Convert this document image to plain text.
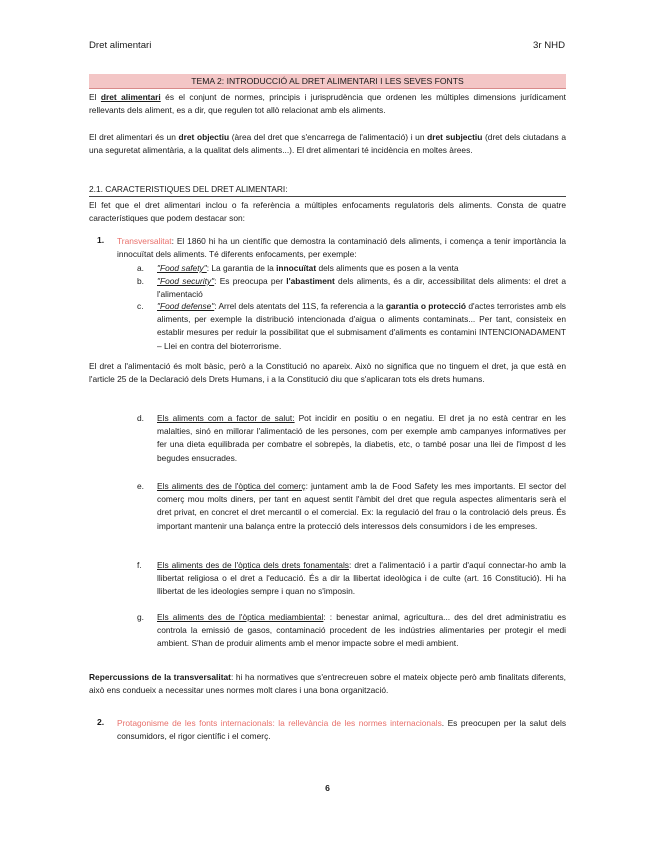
Dret alimentari	3r NHD
TEMA 2: INTRODUCCIÓ AL DRET ALIMENTARI I LES SEVES FONTS
El dret alimentari és el conjunt de normes, principis i jurisprudència que ordenen les múltiples dimensions jurídicament rellevants dels aliment, es a dir, que regulen tot allò relacionat amb els aliments.
El dret alimentari és un dret objectiu (àrea del dret que s'encarrega de l'alimentació) i un dret subjectiu (dret dels ciutadans a una seguretat alimentària, a la qualitat dels aliments...). El dret alimentari té incidència en moltes àrees.
2.1. CARACTERISTIQUES DEL DRET ALIMENTARI:
El fet que el dret alimentari inclou o fa referència a múltiples enfocaments regulatoris dels aliments. Consta de quatre característiques que podem destacar son:
1. Transversalitat: El 1860 hi ha un científic que demostra la contaminació dels aliments, i comença a tenir importància la innocuïtat dels aliments. Té diferents enfocaments, per exemple:
a. "Food safety": La garantia de la innocuïtat dels aliments que es posen a la venta
b. "Food security": Es preocupa per l'abastiment dels aliments, és a dir, accessibilitat dels aliments: el dret a l'alimentació
c. "Food defense": Arrel dels atentats del 11S, fa referencia a la garantia o protecció d'actes terroristes amb els aliments, per exemple la distribució intencionada d'aigua o aliments contaminats... Per tant, consisteix en establir mesures per reduir la possibilitat que el submisament d'aliments es contamini INTENCIONADAMENT – Llei en contra del bioterrorisme.
El dret a l'alimentació és molt bàsic, però a la Constitució no apareix. Això no significa que no tinguem el dret, ja que està en l'article 25 de la Declaració dels Drets Humans, i a la Constitució diu que s'aplicaran tots els drets humans.
d. Els aliments com a factor de salut: Pot incidir en positiu o en negatiu. El dret ja no està centrar en les malalties, sinó en millorar l'alimentació de les persones, com per exemple amb campanyes informatives per fer una dieta equilibrada per combatre el sobrepès, la diabetis, etc, o també posar una llei de l'impost d les begudes ensucrades.
e. Els aliments des de l'òptica del comerç: juntament amb la de Food Safety les mes importants. El sector del comerç mou molts diners, per tant en aquest sentit l'àmbit del dret que regula aspectes alimentaris serà el dret privat, en concret el dret mercantil o el comercial. Ex: la regulació del frau o la controlació dels preus. És important mantenir una balança entre la protecció dels interessos dels consumidors i de les empreses.
f. Els aliments des de l'òptica dels drets fonamentals: dret a l'alimentació i a partir d'aquí connectar-ho amb la llibertat religiosa o el dret a l'educació. És a dir la llibertat ideològica i de culte (art. 16 Constitució). Hi ha llibertat de les ideologies sempre i quan no s'imposin.
g. Els aliments des de l'òptica mediambiental: : benestar animal, agricultura... des del dret administratiu es controla la emissió de gasos, contaminació procedent de les indústries alimentaries per protegir el medi ambient. S'han de produir aliments amb el menor impacte sobre el medi ambient.
Repercussions de la transversalitat: hi ha normatives que s'entrecreuen sobre el mateix objecte però amb finalitats diferents, això ens condueix a necessitar unes normes molt clares i una bona organització.
2. Protagonisme de les fonts internacionals: la rellevància de les normes internacionals. Es preocupen per la salut dels consumidors, el rigor científic i el comerç.
6
